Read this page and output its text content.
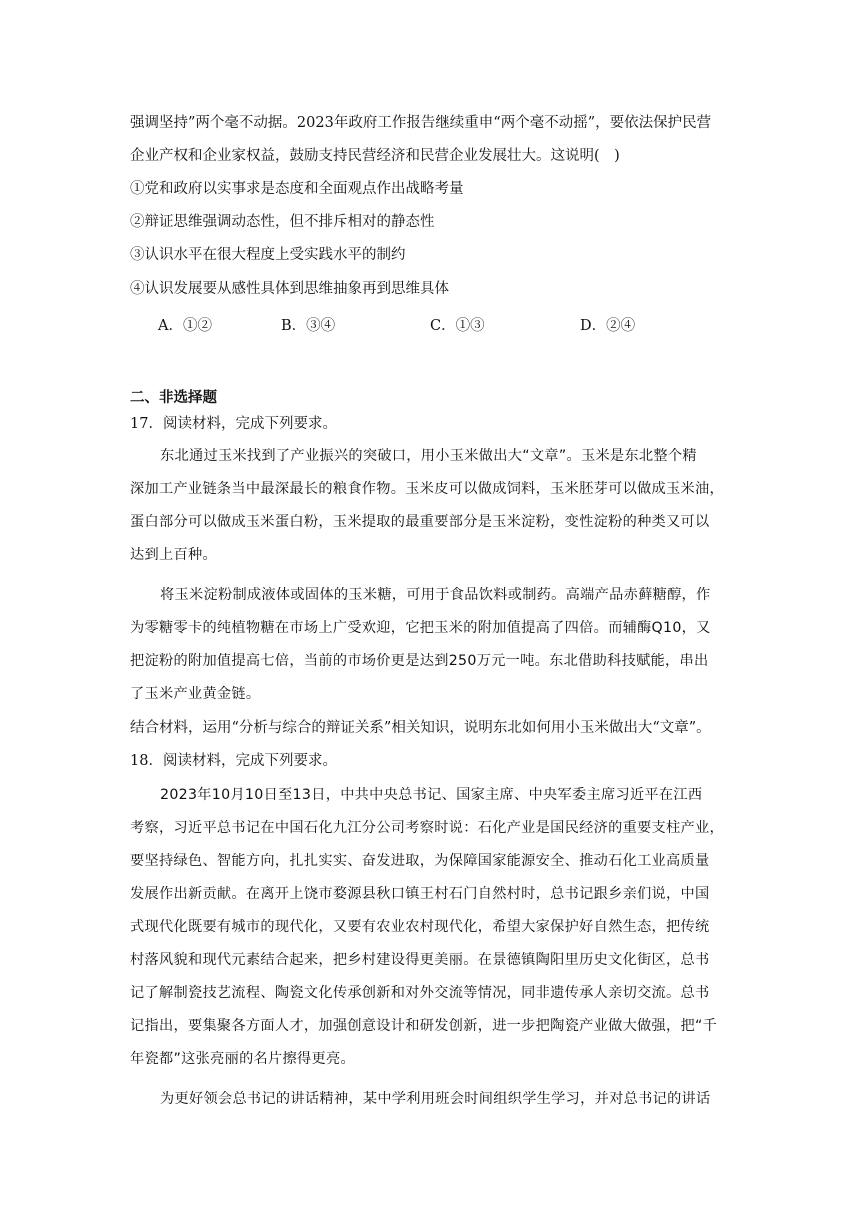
强调坚持”两个毫不动据。2023年政府工作报告继续重申“两个毫不动摇”，要依法保护民营
企业产权和企业家权益，鼓励支持民营经济和民营企业发展壮大。这说明(　)
①党和政府以实事求是态度和全面观点作出战略考量
②辩证思维强调动态性，但不排斥相对的静态性
③认识水平在很大程度上受实践水平的制约
④认识发展要从感性具体到思维抽象再到思维具体
A．①②	B．③④	C．①③	D．②④
二、非选择题
17．阅读材料，完成下列要求。
东北通过玉米找到了产业振兴的突破口，用小玉米做出大“文章”。玉米是东北整个精
深加工产业链条当中最深最长的粮食作物。玉米皮可以做成饲料，玉米胚芽可以做成玉米油，
蛋白部分可以做成玉米蛋白粉，玉米提取的最重要部分是玉米淀粉，变性淀粉的种类又可以
达到上百种。
将玉米淀粉制成液体或固体的玉米糖，可用于食品饮料或制药。高端产品赤藓糖醇，作
为零糖零卡的纯植物糖在市场上广受欢迎，它把玉米的附加值提高了四倍。而辅酶Q10，又
把淀粉的附加值提高七倍，当前的市场价更是达到250万元一吨。东北借助科技赋能，串出
了玉米产业黄金链。
结合材料，运用“分析与综合的辩证关系”相关知识，说明东北如何用小玉米做出大“文章”。
18．阅读材料，完成下列要求。
2023年10月10日至13日，中共中央总书记、国家主席、中央军委主席习近平在江西
考察，习近平总书记在中国石化九江分公司考察时说：石化产业是国民经济的重要支柱产业，
要坚持绿色、智能方向，扎扎实实、奋发进取，为保障国家能源安全、推动石化工业高质量
发展作出新贡献。在离开上饶市婺源县秋口镇王村石门自然村时，总书记跟乡亲们说，中国
式现代化既要有城市的现代化，又要有农业农村现代化，希望大家保护好自然生态，把传统
村落风貌和现代元素结合起来，把乡村建设得更美丽。在景德镇陶阳里历史文化街区，总书
记了解制瓷技艺流程、陶瓷文化传承创新和对外交流等情况，同非遗传承人亲切交流。总书
记指出，要集聚各方面人才，加强创意设计和研发创新，进一步把陶瓷产业做大做强，把“千
年瓷都”这张亮丽的名片擦得更亮。
为更好领会总书记的讲话精神，某中学利用班会时间组织学生学习，并对总书记的讲话
